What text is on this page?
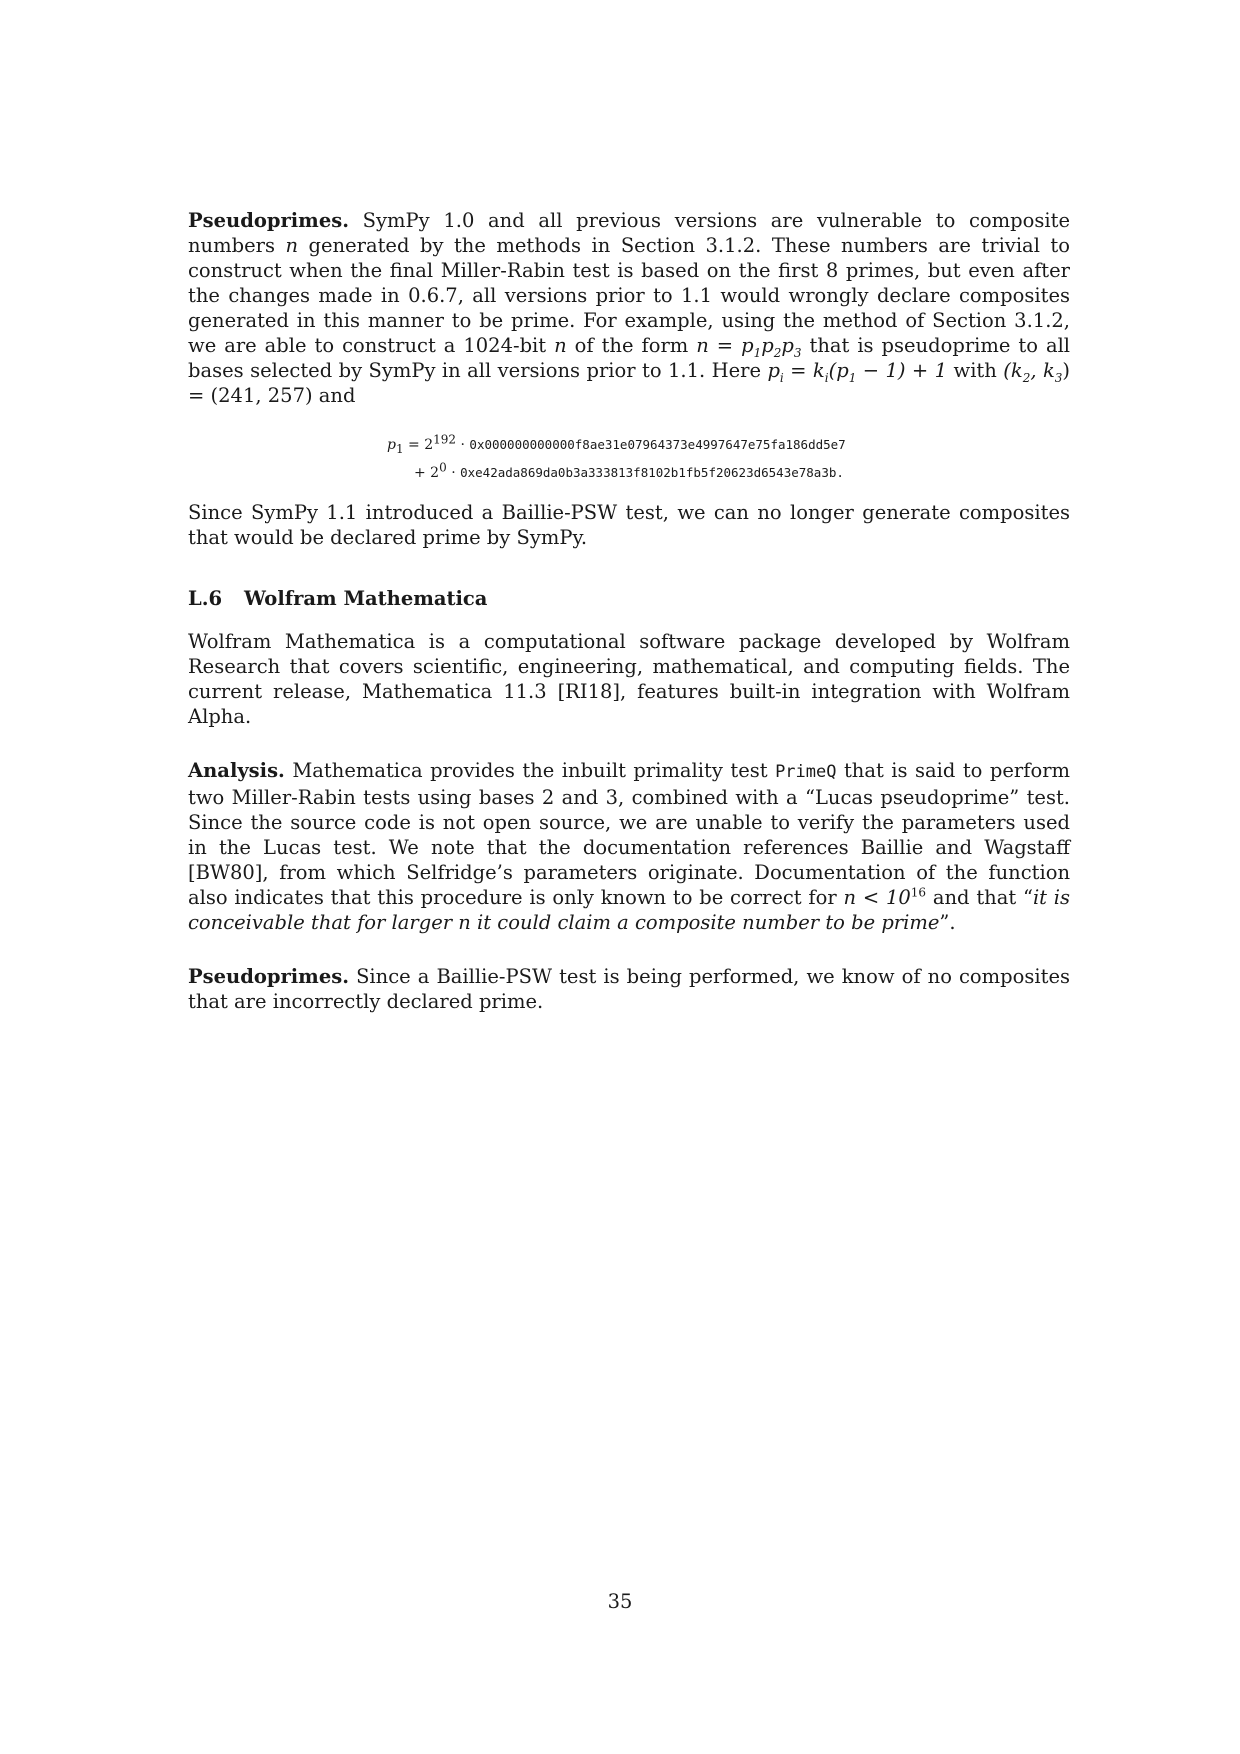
Pseudoprimes. SymPy 1.0 and all previous versions are vulnerable to composite numbers n generated by the methods in Section 3.1.2. These numbers are trivial to construct when the final Miller-Rabin test is based on the first 8 primes, but even after the changes made in 0.6.7, all versions prior to 1.1 would wrongly declare composites generated in this manner to be prime. For example, using the method of Section 3.1.2, we are able to construct a 1024-bit n of the form $n = p_1p_2p_3$ that is pseudoprime to all bases selected by SymPy in all versions prior to 1.1. Here $p_i = k_i(p_1 - 1) + 1$ with ($k_2$, $k_3) = (241$, 257) and

$p_1 = 2^{192} \cdot 0x000000000000f8ae31e07964373e4997647e75fa186dd5e7$
+ $2^0 \cdot 0xe42ada869da0b3a333813f8102b1fb5f20623d6543e78a3b$.

Since SymPy 1.1 introduced a Baillie-PSW test, we can no longer generate composites that would be declared prime by SymPy.

L.6 Wolfram Mathematica

Wolfram Mathematica is a computational software package developed by Wolfram Research that covers scientific, engineering, mathematical, and computing fields. The current release, Mathematica 11.3 [RI18], features built-in integration with Wolfram Alpha.

Analysis. Mathematica provides the inbuilt primality test PrimeQ that is said to perform two Miller-Rabin tests using bases 2 and 3, combined with a “Lucas pseudoprime” test. Since the source code is not open source, we are unable to verify the parameters used in the Lucas test. We note that the documentation references Baillie and Wagstaff [BW80], from which Selfridge’s parameters originate. Documentation of the function also indicates that this procedure is only known to be correct for $n < 10^{16}$ and that “it is conceivable that for larger n it could claim a composite number to be prime”.

Pseudoprimes. Since a Baillie-PSW test is being performed, we know of no composites that are incorrectly declared prime.

35
